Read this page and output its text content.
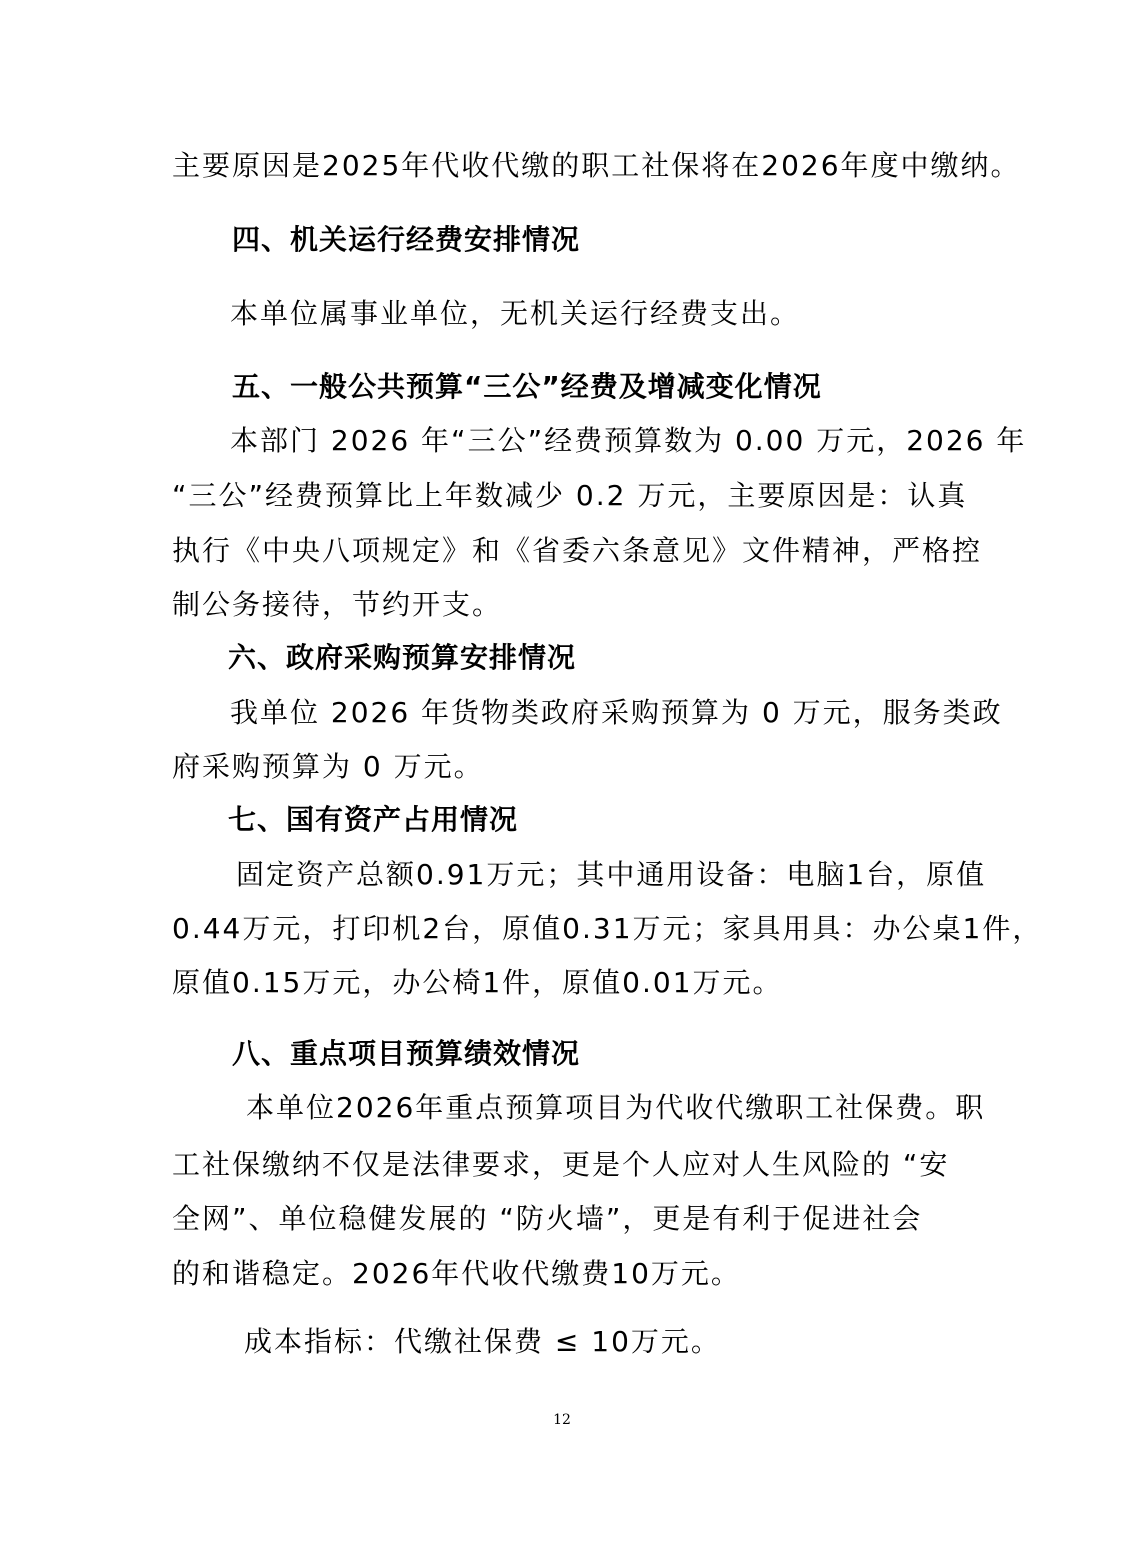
主要原因是2025年代收代缴的职工社保将在2026年度中缴纳。
四、机关运行经费安排情况
本单位属事业单位，无机关运行经费支出。
五、一般公共预算“三公”经费及增减变化情况
本部门 2026 年“三公”经费预算数为 0.00 万元，2026 年
“三公”经费预算比上年数减少 0.2 万元，主要原因是：认真
执行《中央八项规定》和《省委六条意见》文件精神，严格控
制公务接待，节约开支。
六、政府采购预算安排情况
我单位 2026 年货物类政府采购预算为 0 万元，服务类政
府采购预算为 0 万元。
七、国有资产占用情况
固定资产总额0.91万元；其中通用设备：电脑1台，原值
0.44万元，打印机2台，原值0.31万元；家具用具：办公桌1件，
原值0.15万元，办公椅1件，原值0.01万元。
八、重点项目预算绩效情况
本单位2026年重点预算项目为代收代缴职工社保费。职
工社保缴纳不仅是法律要求，更是个人应对人生风险的 “安
全网”、单位稳健发展的 “防火墙”，更是有利于促进社会
的和谐稳定。2026年代收代缴费10万元。
成本指标：代缴社保费 ≤ 10万元。
12
